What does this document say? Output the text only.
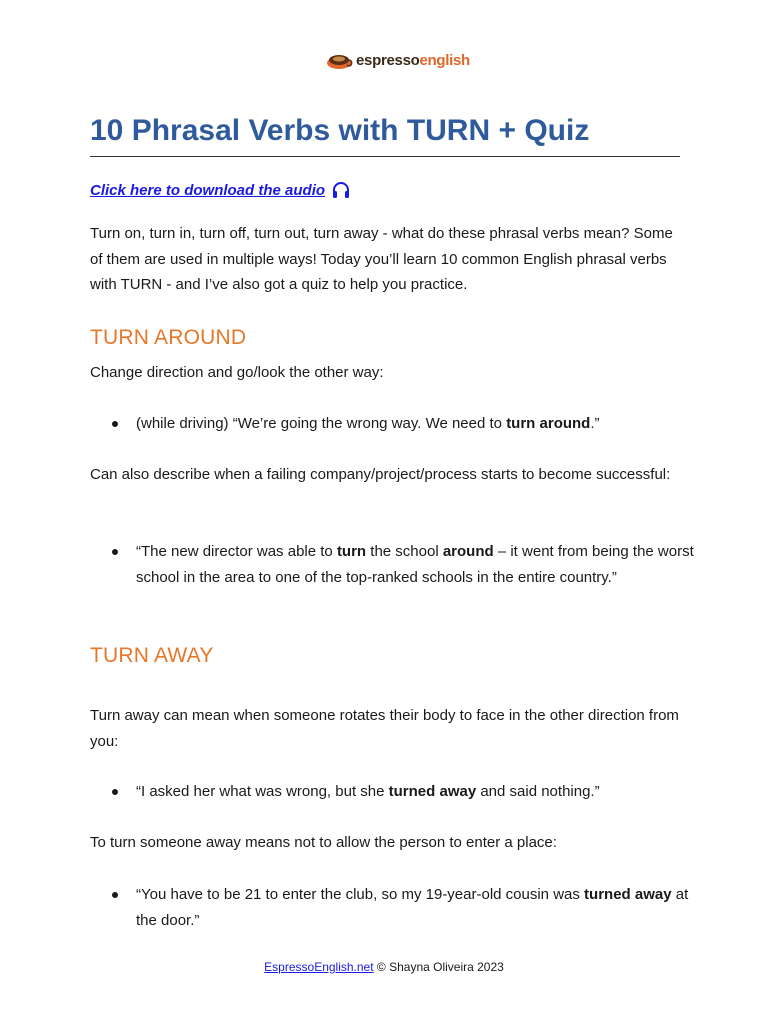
espressoenglish
10 Phrasal Verbs with TURN + Quiz
Click here to download the audio

Turn on, turn in, turn off, turn out, turn away - what do these phrasal verbs mean? Some of them are used in multiple ways! Today you’ll learn 10 common English phrasal verbs with TURN - and I’ve also got a quiz to help you practice.

TURN AROUND

Change direction and go/look the other way:

(while driving) “We’re going the wrong way. We need to turn around.”

Can also describe when a failing company/project/process starts to become successful:

“The new director was able to turn the school around – it went from being the worst school in the area to one of the top-ranked schools in the entire country.”

TURN AWAY

Turn away can mean when someone rotates their body to face in the other direction from you:

“I asked her what was wrong, but she turned away and said nothing.”

To turn someone away means not to allow the person to enter a place:

“You have to be 21 to enter the club, so my 19-year-old cousin was turned away at the door.”

EspressoEnglish.net © Shayna Oliveira 2023
